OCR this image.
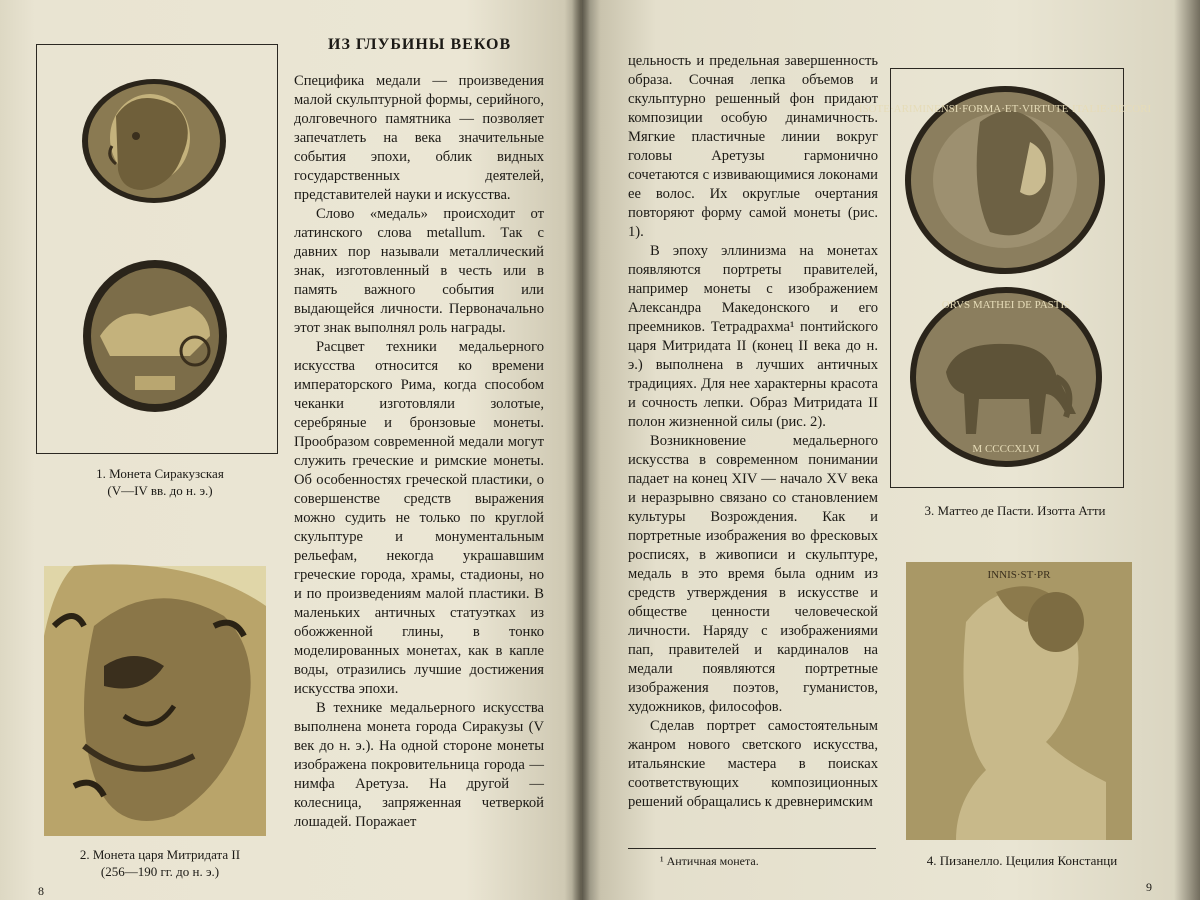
1. Монета Сиракузская
(V—IV вв. до н. э.)
2. Монета царя Митридата II
(256—190 гг. до н. э.)
ИЗ ГЛУБИНЫ ВЕКОВ

Специфика медали — произведения малой скульптурной формы, серийного, долговечного памятника — позволяет запечатлеть на века значительные события эпохи, облик видных государственных деятелей, представителей науки и искусства.

Слово «медаль» происходит от латинского слова metallum. Так с давних пор называли металлический знак, изготовленный в честь или в память важного события или выдающейся личности. Первоначально этот знак выполнял роль награды.

Расцвет техники медальерного искусства относится ко времени императорского Рима, когда способом чеканки изготовляли золотые, серебряные и бронзовые монеты. Прообразом современной медали могут служить греческие и римские монеты. Об особенностях греческой пластики, о совершенстве средств выражения можно судить не только по круглой скульптуре и монументальным рельефам, некогда украшавшим греческие города, храмы, стадионы, но и по произведениям малой пластики. В маленьких античных статуэтках из обожженной глины, в тонко моделированных монетах, как в капле воды, отразились лучшие достижения искусства эпохи.

В технике медальерного искусства выполнена монета города Сиракузы (V век до н. э.). На одной стороне монеты изображена покровительница города — нимфа Аретуза. На другой — колесница, запряженная четверкой лошадей. Поражает

8

цельность и предельная завершенность образа. Сочная лепка объемов и скульптурно решенный фон придают композиции особую динамичность. Мягкие пластичные линии вокруг головы Аретузы гармонично сочетаются с извивающимися локонами ее волос. Их округлые очертания повторяют форму самой монеты (рис. 1).

В эпоху эллинизма на монетах появляются портреты правителей, например монеты с изображением Александра Македонского и его преемников. Тетрадрахма¹ понтийского царя Митридата II (конец II века до н. э.) выполнена в лучших античных традициях. Для нее характерны красота и сочность лепки. Образ Митридата II полон жизненной силы (рис. 2).

Возникновение медальерного искусства в современном понимании падает на конец XIV — начало XV века и неразрывно связано со становлением культуры Возрождения. Как и портретные изображения во фресковых росписях, в живописи и скульптуре, медаль в это время была одним из средств утверждения в искусстве и обществе ценности человеческой личности. Наряду с изображениями пап, правителей и кардиналов на медали появляются портретные изображения поэтов, гуманистов, художников, философов.

Сделав портрет самостоятельным жанром нового светского искусства, итальянские мастера в поисках соответствующих композиционных решений обращались к древнеримским

¹ Античная монета.
ISOTE·ARIMINENSI·FORMA·ET·VIRTUTE·ITALIE·DECORI
ORVS MATHEI DE PASTIS
M CCCCXLVI
3. Маттео де Пасти. Изотта Атти
INNIS·ST·PR
4. Пизанелло. Цецилия Констанци
9
